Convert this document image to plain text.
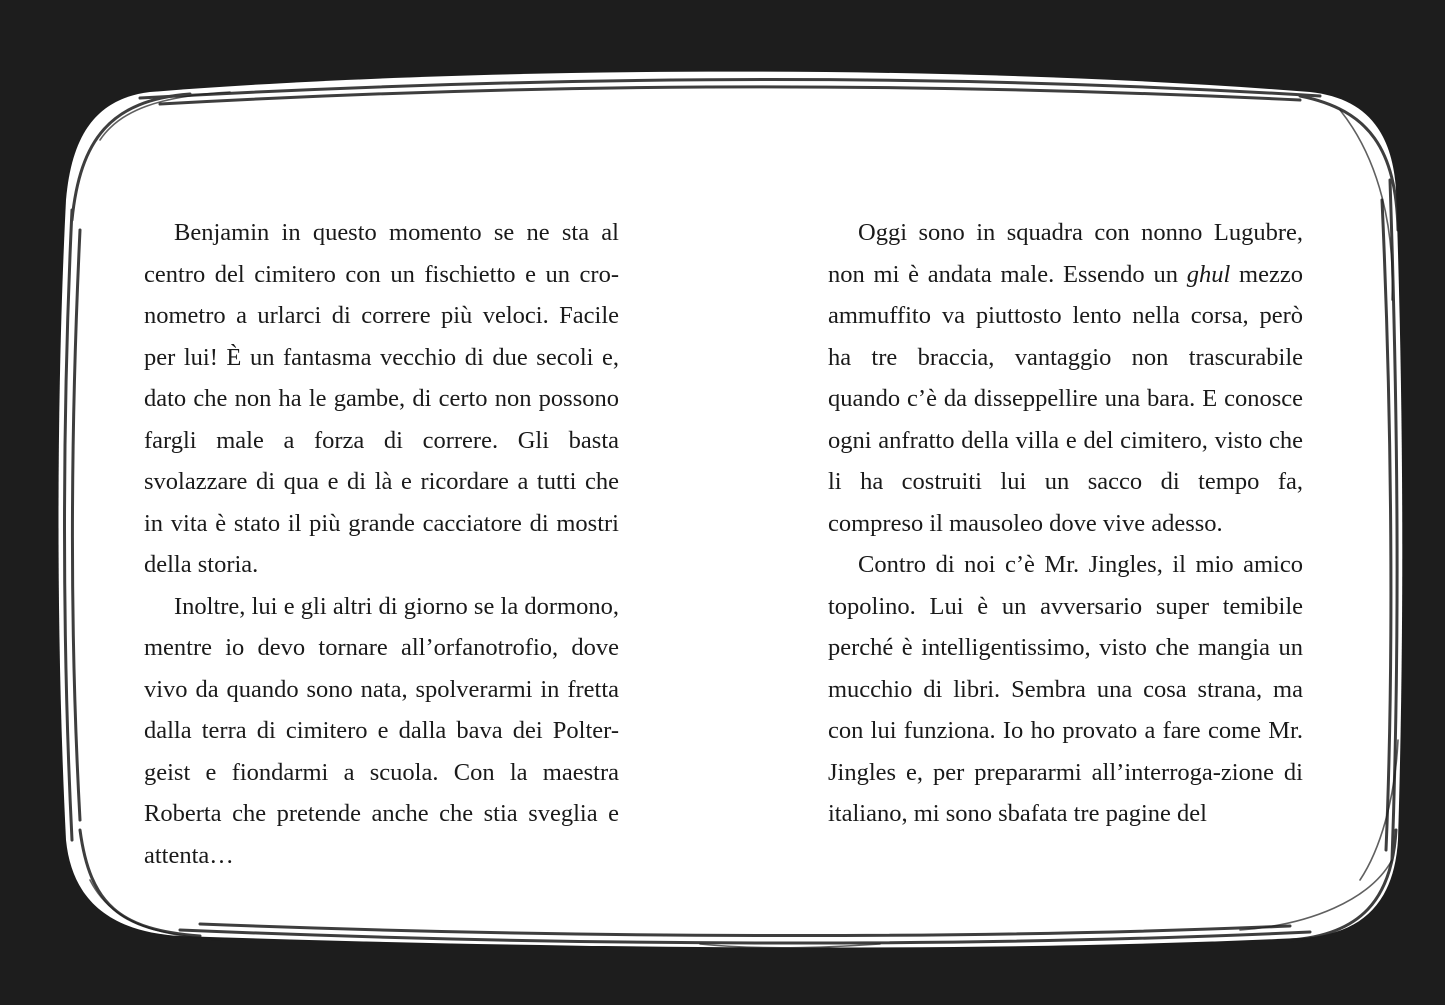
Benjamin in questo momento se ne sta al centro del cimitero con un fischietto e un cro-nometro a urlarci di correre più veloci. Facile per lui! È un fantasma vecchio di due secoli e, dato che non ha le gambe, di certo non possono fargli male a forza di correre. Gli basta svolazzare di qua e di là e ricordare a tutti che in vita è stato il più grande cacciatore di mostri della storia.

Inoltre, lui e gli altri di giorno se la dormono, mentre io devo tornare all’orfanotrofio, dove vivo da quando sono nata, spolverarmi in fretta dalla terra di cimitero e dalla bava dei Polter-geist e fiondarmi a scuola. Con la maestra Roberta che pretende anche che stia sveglia e attenta…

Oggi sono in squadra con nonno Lugubre, non mi è andata male. Essendo un ghul mezzo ammuffito va piuttosto lento nella corsa, però ha tre braccia, vantaggio non trascurabile quando c’è da disseppellire una bara. E conosce ogni anfratto della villa e del cimitero, visto che li ha costruiti lui un sacco di tempo fa, compreso il mausoleo dove vive adesso.

Contro di noi c’è Mr. Jingles, il mio amico topolino. Lui è un avversario super temibile perché è intelligentissimo, visto che mangia un mucchio di libri. Sembra una cosa strana, ma con lui funziona. Io ho provato a fare come Mr. Jingles e, per prepararmi all’interroga-zione di italiano, mi sono sbafata tre pagine del
